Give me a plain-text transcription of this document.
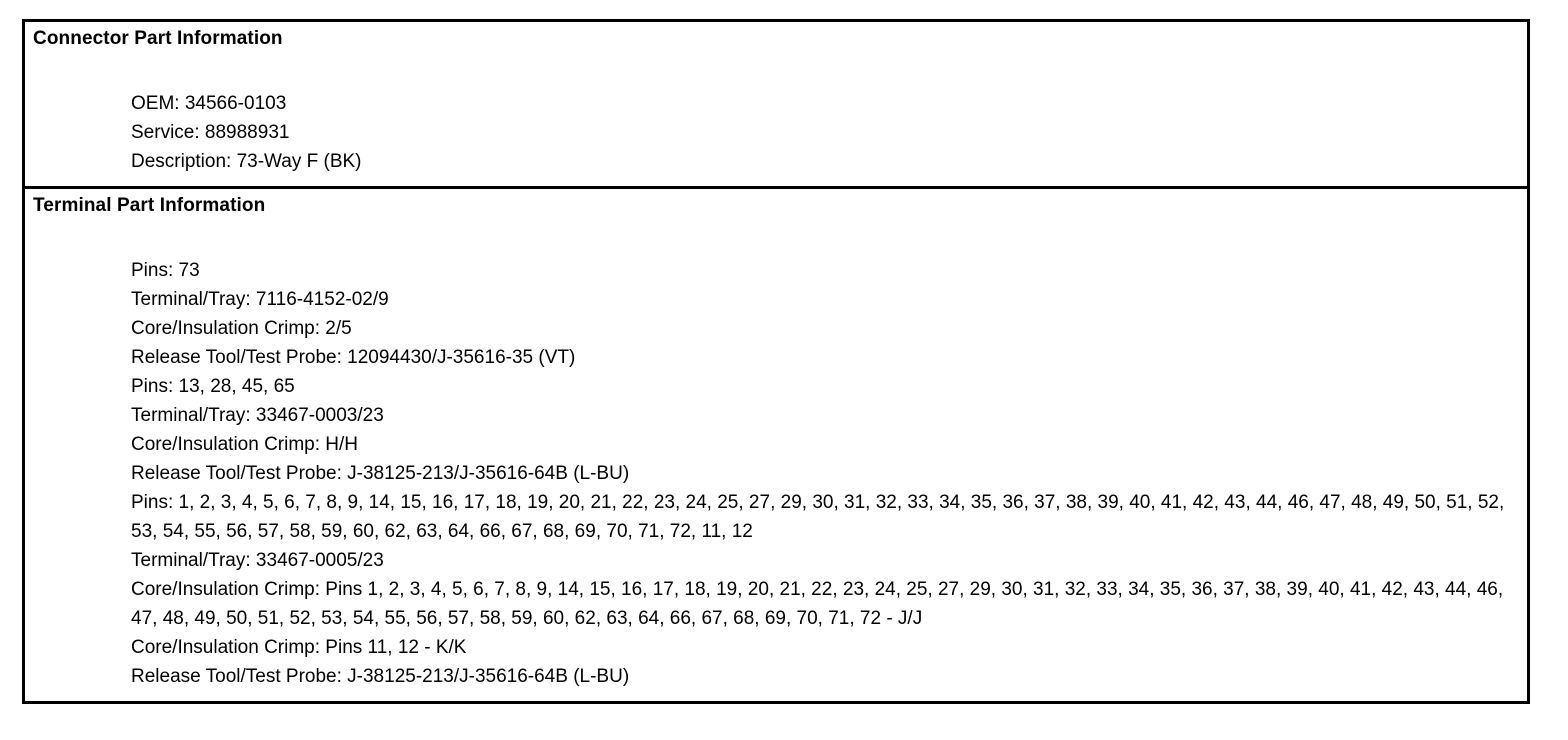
Connector Part Information
OEM: 34566-0103
Service: 88988931
Description: 73-Way F (BK)
Terminal Part Information
Pins: 73
Terminal/Tray: 7116-4152-02/9
Core/Insulation Crimp: 2/5
Release Tool/Test Probe: 12094430/J-35616-35 (VT)
Pins: 13, 28, 45, 65
Terminal/Tray: 33467-0003/23
Core/Insulation Crimp: H/H
Release Tool/Test Probe: J-38125-213/J-35616-64B (L-BU)
Pins: 1, 2, 3, 4, 5, 6, 7, 8, 9, 14, 15, 16, 17, 18, 19, 20, 21, 22, 23, 24, 25, 27, 29, 30, 31, 32, 33, 34, 35, 36, 37, 38, 39, 40, 41, 42, 43, 44, 46, 47, 48, 49, 50, 51, 52, 53, 54, 55, 56, 57, 58, 59, 60, 62, 63, 64, 66, 67, 68, 69, 70, 71, 72, 11, 12
Terminal/Tray: 33467-0005/23
Core/Insulation Crimp: Pins 1, 2, 3, 4, 5, 6, 7, 8, 9, 14, 15, 16, 17, 18, 19, 20, 21, 22, 23, 24, 25, 27, 29, 30, 31, 32, 33, 34, 35, 36, 37, 38, 39, 40, 41, 42, 43, 44, 46, 47, 48, 49, 50, 51, 52, 53, 54, 55, 56, 57, 58, 59, 60, 62, 63, 64, 66, 67, 68, 69, 70, 71, 72 - J/J
Core/Insulation Crimp: Pins 11, 12 - K/K
Release Tool/Test Probe: J-38125-213/J-35616-64B (L-BU)
